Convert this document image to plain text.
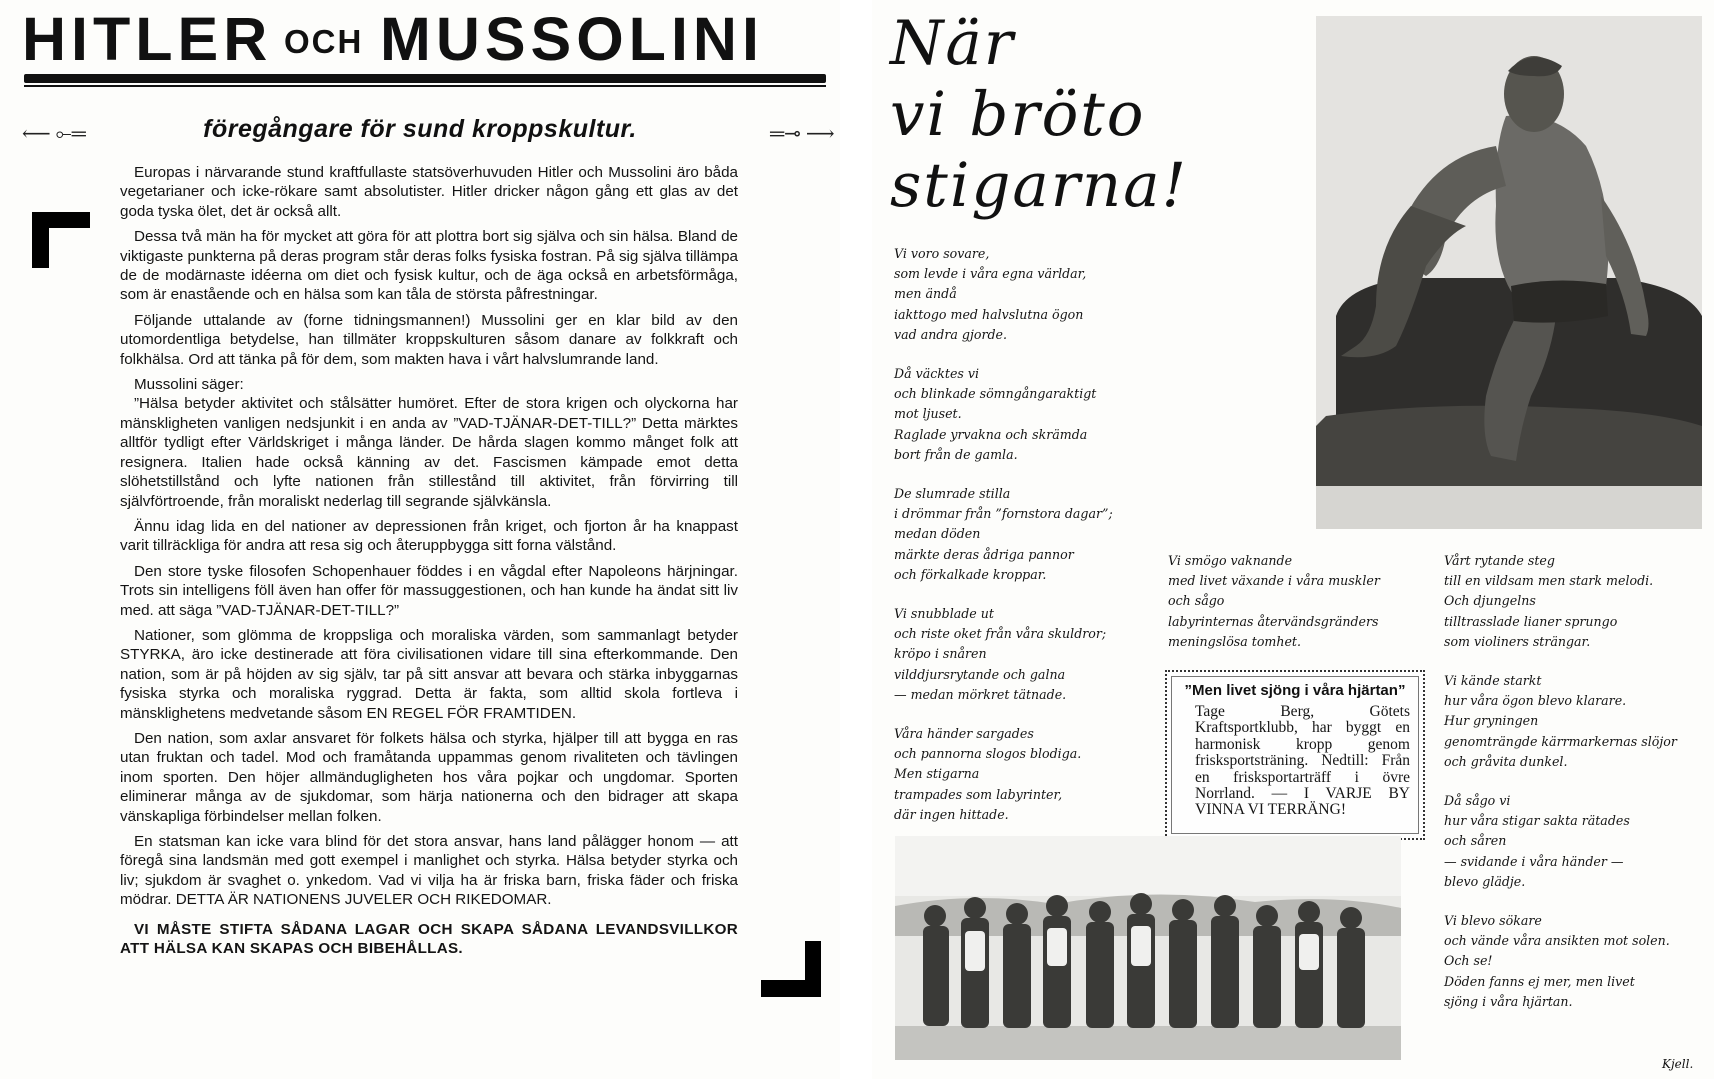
HITLER OCH MUSSOLINI
⟵ ⟜═	föregångare för sund kroppskultur.	═⊸ ⟶

Europas i närvarande stund kraftfullaste statsöverhuvuden Hitler och Mussolini äro båda vegetarianer och icke-rökare samt absolutister. Hitler dricker någon gång ett glas av det goda tyska ölet, det är också allt.

Dessa två män ha för mycket att göra för att plottra bort sig själva och sin hälsa. Bland de viktigaste punkterna på deras program står deras folks fysiska fostran. På sig själva tillämpa de de modärnaste idéerna om diet och fysisk kultur, och de äga också en arbetsförmåga, som är enastående och en hälsa som kan tåla de största påfrestningar.

Följande uttalande av (forne tidningsmannen!) Mussolini ger en klar bild av den utomordentliga betydelse, han tillmäter kroppskulturen såsom danare av folkkraft och folkhälsa. Ord att tänka på för dem, som makten hava i vårt halvslumrande land.

Mussolini säger:

”Hälsa betyder aktivitet och stålsätter humöret. Efter de stora krigen och olyckorna har mänskligheten vanligen nedsjunkit i en anda av ”VAD-TJÄNAR-DET-TILL?” Detta märktes alltför tydligt efter Världskriget i många länder. De hårda slagen kommo månget folk att resignera. Italien hade också känning av det. Fascismen kämpade emot detta slöhetstillstånd och lyfte nationen från stillestånd till aktivitet, från förvirring till självförtroende, från moraliskt nederlag till segrande självkänsla.

Ännu idag lida en del nationer av depressionen från kriget, och fjorton år ha knappast varit tillräckliga för andra att resa sig och återuppbygga sitt forna välstånd.

Den store tyske filosofen Schopenhauer föddes i en vågdal efter Napoleons härjningar. Trots sin intelligens föll även han offer för massuggestionen, och han kunde ha ändat sitt liv med. att säga ”VAD-TJÄNAR-DET-TILL?”

Nationer, som glömma de kroppsliga och moraliska värden, som sammanlagt betyder STYRKA, äro icke destinerade att föra civilisationen vidare till sina efterkommande. Den nation, som är på höjden av sig själv, tar på sitt ansvar att bevara och stärka inbyggarnas fysiska styrka och moraliska ryggrad. Detta är fakta, som alltid skola fortleva i mänsklighetens medvetande såsom EN REGEL FÖR FRAMTIDEN.

Den nation, som axlar ansvaret för folkets hälsa och styrka, hjälper till att bygga en ras utan fruktan och tadel. Mod och framåtanda uppammas genom rivaliteten och tävlingen inom sporten. Den höjer allmändugligheten hos våra pojkar och ungdomar. Sporten eliminerar många av de sjukdomar, som härja nationerna och den bidrager att skapa vänskapliga förbindelser mellan folken.

En statsman kan icke vara blind för det stora ansvar, hans land pålägger honom — att föregå sina landsmän med gott exempel i manlighet och styrka. Hälsa betyder styrka och liv; sjukdom är svaghet o. ynkedom. Vad vi vilja ha är friska barn, friska fäder och friska mödrar. DETTA ÄR NATIONENS JUVELER OCH RIKEDOMAR.

VI MÅSTE STIFTA SÅDANA LAGAR OCH SKAPA SÅDANA LEVANDSVILLKOR ATT HÄLSA KAN SKAPAS OCH BIBEHÅLLAS.

När
vi bröto
stigarna!
Vi voro sovare,
som levde i våra egna världar,
men ändå
iakttogo med halvslutna ögon
vad andra gjorde.
Då väcktes vi
och blinkade sömngångaraktigt
mot ljuset.
Raglade yrvakna och skrämda
bort från de gamla.
De slumrade stilla
i drömmar från ”fornstora dagar”;
medan döden
märkte deras ådriga pannor
och förkalkade kroppar.
Vi snubblade ut
och riste oket från våra skuldror;
kröpo i snåren
vilddjursrytande och galna
— medan mörkret tätnade.
Våra händer sargades
och pannorna slogos blodiga.
Men stigarna
trampades som labyrinter,
där ingen hittade.
Vi smögo vaknande
med livet växande i våra muskler
och sågo
labyrinternas återvändsgränders
meningslösa tomhet.
”Men livet sjöng i våra hjärtan”
Tage Berg, Götets Kraftsportklubb, har byggt en harmonisk kropp genom frisksportsträning. Nedtill: Från en frisksportarträff i övre Norrland. — I VARJE BY VINNA VI TERRÄNG!
Vårt rytande steg
till en vildsam men stark melodi.
Och djungelns
tilltrasslade lianer sprungo
som violiners strängar.
Vi kände starkt
hur våra ögon blevo klarare.
Hur gryningen
genomträngde kärrmarkernas slöjor
och gråvita dunkel.
Då sågo vi
hur våra stigar sakta rätades
och såren
— svidande i våra händer —
blevo glädje.
Vi blevo sökare
och vände våra ansikten mot solen.
Och se!
Döden fanns ej mer, men livet
sjöng i våra hjärtan.
Kjell.
